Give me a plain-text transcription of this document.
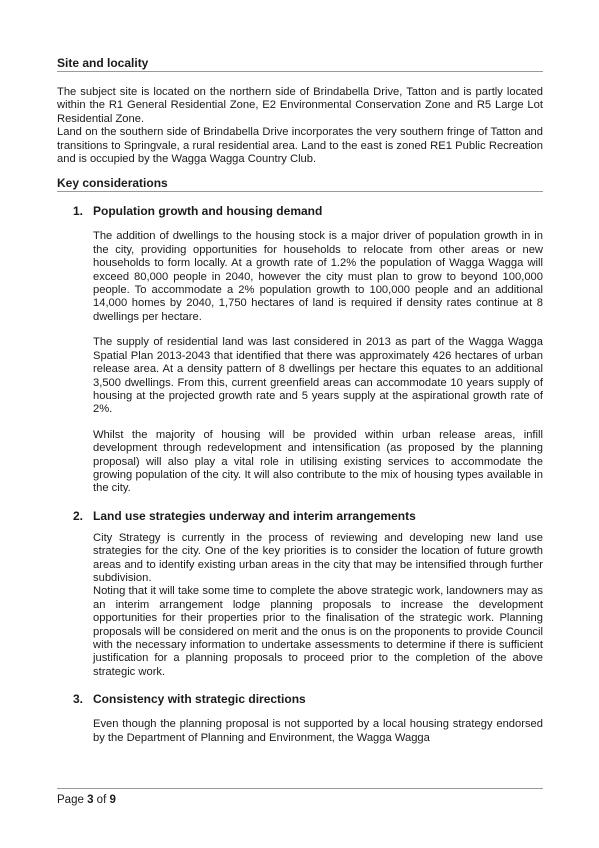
Site and locality

The subject site is located on the northern side of Brindabella Drive, Tatton and is partly located within the R1 General Residential Zone, E2 Environmental Conservation Zone and R5 Large Lot Residential Zone.

Land on the southern side of Brindabella Drive incorporates the very southern fringe of Tatton and transitions to Springvale, a rural residential area. Land to the east is zoned RE1 Public Recreation and is occupied by the Wagga Wagga Country Club.

Key considerations
1. Population growth and housing demand

The addition of dwellings to the housing stock is a major driver of population growth in in the city, providing opportunities for households to relocate from other areas or new households to form locally. At a growth rate of 1.2% the population of Wagga Wagga will exceed 80,000 people in 2040, however the city must plan to grow to beyond 100,000 people. To accommodate a 2% population growth to 100,000 people and an additional 14,000 homes by 2040, 1,750 hectares of land is required if density rates continue at 8 dwellings per hectare.

The supply of residential land was last considered in 2013 as part of the Wagga Wagga Spatial Plan 2013-2043 that identified that there was approximately 426 hectares of urban release area. At a density pattern of 8 dwellings per hectare this equates to an additional 3,500 dwellings. From this, current greenfield areas can accommodate 10 years supply of housing at the projected growth rate and 5 years supply at the aspirational growth rate of 2%.

Whilst the majority of housing will be provided within urban release areas, infill development through redevelopment and intensification (as proposed by the planning proposal) will also play a vital role in utilising existing services to accommodate the growing population of the city. It will also contribute to the mix of housing types available in the city.

2. Land use strategies underway and interim arrangements

City Strategy is currently in the process of reviewing and developing new land use strategies for the city. One of the key priorities is to consider the location of future growth areas and to identify existing urban areas in the city that may be intensified through further subdivision.

Noting that it will take some time to complete the above strategic work, landowners may as an interim arrangement lodge planning proposals to increase the development opportunities for their properties prior to the finalisation of the strategic work. Planning proposals will be considered on merit and the onus is on the proponents to provide Council with the necessary information to undertake assessments to determine if there is sufficient justification for a planning proposals to proceed prior to the completion of the above strategic work.

3. Consistency with strategic directions

Even though the planning proposal is not supported by a local housing strategy endorsed by the Department of Planning and Environment, the Wagga Wagga

Page 3 of 9
